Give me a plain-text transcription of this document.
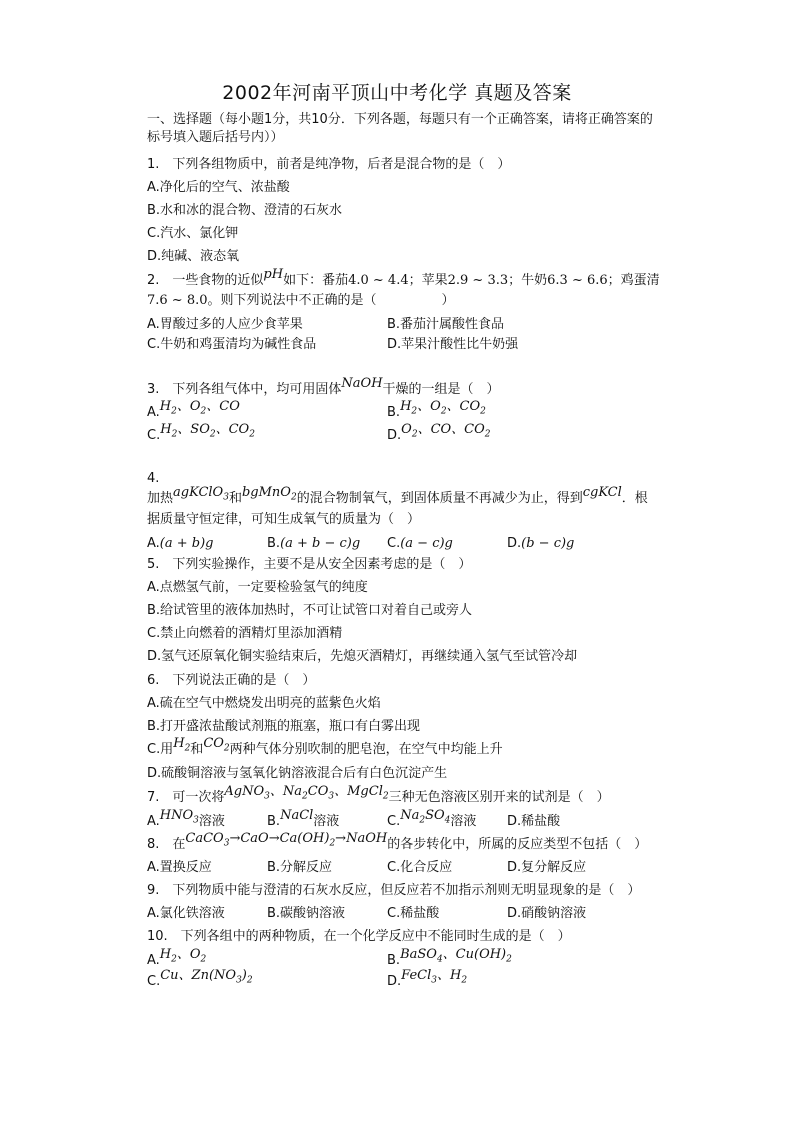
2002年河南平顶山中考化学 真题及答案
一、选择题（每小题1分，共10分．下列各题，每题只有一个正确答案，请将正确答案的标号填入题后括号内））
1.　下列各组物质中，前者是纯净物，后者是混合物的是（　）
A.净化后的空气、浓盐酸
B.水和冰的混合物、澄清的石灰水
C.汽水、氯化钾
D.纯碱、液态氧
2.　一些食物的近似pH如下：番茄4.0 ~ 4.4；苹果2.9 ~ 3.3；牛奶6.3 ~ 6.6；鸡蛋清7.6 ~ 8.0。则下列说法中不正确的是（　　　　　）
A.胃酸过多的人应少食苹果	B.番茄汁属酸性食品
C.牛奶和鸡蛋清均为碱性食品	D.苹果汁酸性比牛奶强
3.　下列各组气体中，均可用固体NaOH干燥的一组是（　）
$A.H_2$、$O_2$、CO	$B.H_2$、$O_2$、$CO_2$
$C.H_2$、$SO_2$、$CO_2$	$D.O_2$、CO、$CO_2$
4.
加热agKClO$_3$和bgMnO$_2$的混合物制氧气，到固体质量不再减少为止，得到cgKCl．根
据质量守恒定律，可知生成氧气的质量为（　）
A.(a + b)g	B.(a + b − c)g C.(a − c)g	D.(b − c)g
5.　下列实验操作，主要不是从安全因素考虑的是（　）
A.点燃氢气前，一定要检验氢气的纯度
B.给试管里的液体加热时，不可让试管口对着自己或旁人
C.禁止向燃着的酒精灯里添加酒精
D.氢气还原氧化铜实验结束后，先熄灭酒精灯，再继续通入氢气至试管冷却
6.　下列说法正确的是（　）
A.硫在空气中燃烧发出明亮的蓝紫色火焰
B.打开盛浓盐酸试剂瓶的瓶塞，瓶口有白雾出现
C.用$H_2$和$CO_2$两种气体分别吹制的肥皂泡，在空气中均能上升
D.硫酸铜溶液与氢氧化钠溶液混合后有白色沉淀产生
7.　可一次将AgNO$_3$、$Na_2CO_3$、MgCl$_2$三种无色溶液区别开来的试剂是（　）
$A.HNO_3$溶液	B.NaCl溶液	$C.Na_2SO_4$溶液 D.稀盐酸
8.　在$CaCO_3\to CaO\to Ca(OH)_2\to NaOH$的各步转化中，所属的反应类型不包括（　）
A.置换反应	B.分解反应	C.化合反应	D.复分解反应
9.　下列物质中能与澄清的石灰水反应，但反应若不加指示剂则无明显现象的是（　）
A.氯化铁溶液	B.碳酸钠溶液	C.稀盐酸	D.硝酸钠溶液
10.　下列各组中的两种物质，在一个化学反应中不能同时生成的是（　）
$A.H_2$、$O_2$	B.BaSO$_4$、$Cu(OH)_2$
C.Cu、$Zn(NO_3)_2$	D.FeCl$_3$、$H_2$
